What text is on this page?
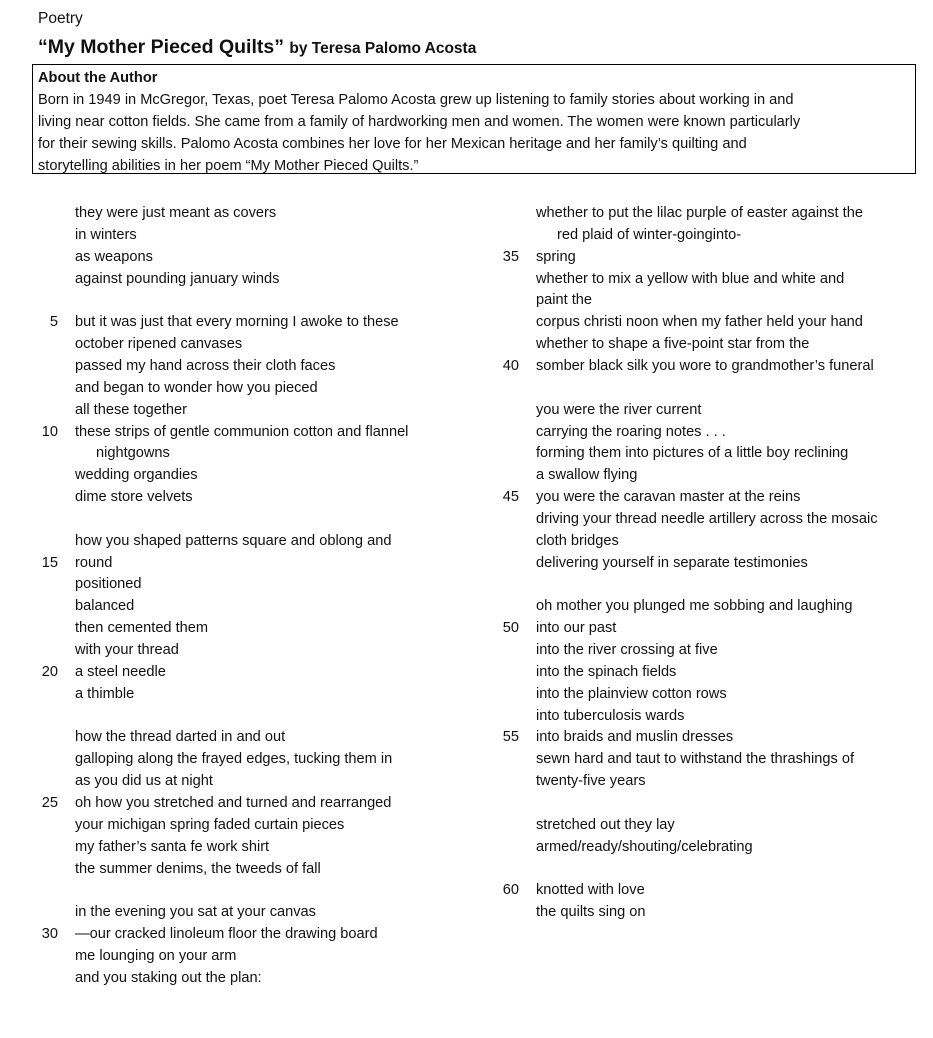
Poetry
“My Mother Pieced Quilts” by Teresa Palomo Acosta
About the Author
Born in 1949 in McGregor, Texas, poet Teresa Palomo Acosta grew up listening to family stories about working in and
living near cotton fields. She came from a family of hardworking men and women. The women were known particularly
for their sewing skills. Palomo Acosta combines her love for her Mexican heritage and her family’s quilting and
storytelling abilities in her poem “My Mother Pieced Quilts.”
they were just meant as covers
in winters
as weapons
against pounding january winds
but it was just that every morning I awoke to these
5
october ripened canvases
passed my hand across their cloth faces
and began to wonder how you pieced
all these together
these strips of gentle communion cotton and flannel
10
nightgowns
wedding organdies
dime store velvets
how you shaped patterns square and oblong and
round
15
positioned
balanced
then cemented them
with your thread
a steel needle
20
a thimble
how the thread darted in and out
galloping along the frayed edges, tucking them in
as you did us at night
oh how you stretched and turned and rearranged
25
your michigan spring faded curtain pieces
my father’s santa fe work shirt
the summer denims, the tweeds of fall
in the evening you sat at your canvas
—our cracked linoleum floor the drawing board
30
me lounging on your arm
and you staking out the plan:
whether to put the lilac purple of easter against the
red plaid of winter-goinginto-
spring
35
whether to mix a yellow with blue and white and
paint the
corpus christi noon when my father held your hand
whether to shape a five-point star from the
somber black silk you wore to grandmother’s funeral
40
you were the river current
carrying the roaring notes . . .
forming them into pictures of a little boy reclining
a swallow flying
you were the caravan master at the reins
45
driving your thread needle artillery across the mosaic
cloth bridges
delivering yourself in separate testimonies
oh mother you plunged me sobbing and laughing
into our past
50
into the river crossing at five
into the spinach fields
into the plainview cotton rows
into tuberculosis wards
into braids and muslin dresses
55
sewn hard and taut to withstand the thrashings of
twenty-five years
stretched out they lay
armed/ready/shouting/celebrating
knotted with love
60
the quilts sing on
